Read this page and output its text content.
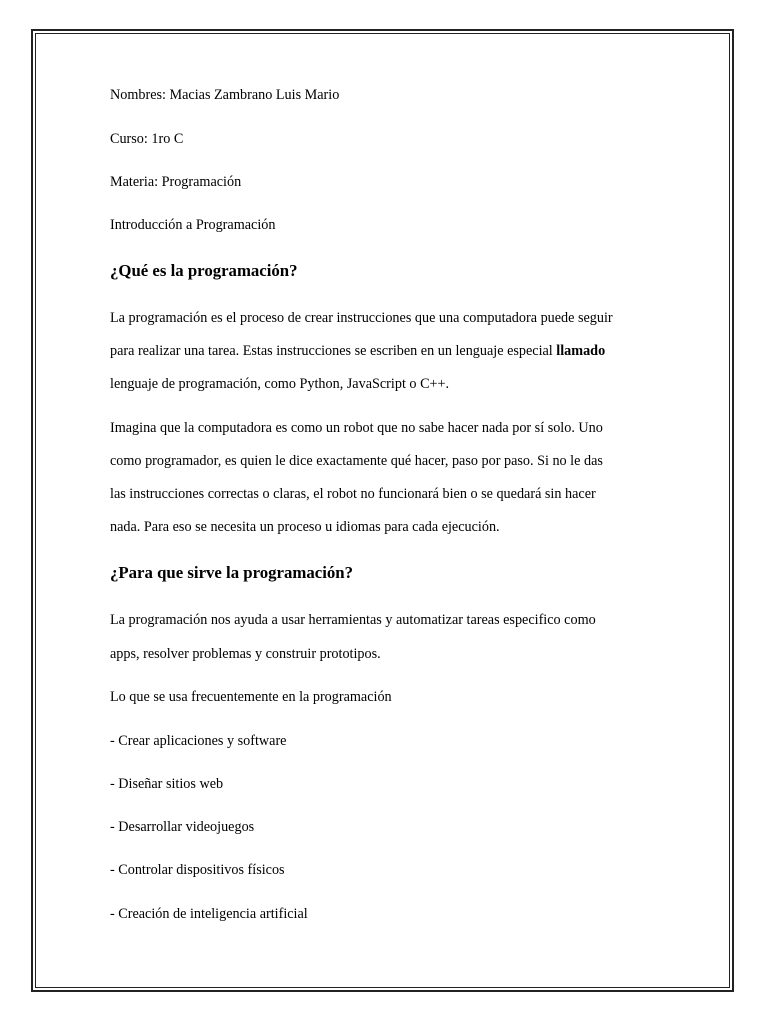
Nombres: Macias Zambrano Luis Mario

Curso: 1ro C

Materia: Programación

Introducción a Programación

¿Qué es la programación?

La programación es el proceso de crear instrucciones que una computadora puede seguir

para realizar una tarea. Estas instrucciones se escriben en un lenguaje especial llamado

lenguaje de programación, como Python, JavaScript o C++.

Imagina que la computadora es como un robot que no sabe hacer nada por sí solo. Uno

como programador, es quien le dice exactamente qué hacer, paso por paso. Si no le das

las instrucciones correctas o claras, el robot no funcionará bien o se quedará sin hacer

nada. Para eso se necesita un proceso u idiomas para cada ejecución.

¿Para que sirve la programación?

La programación nos ayuda a usar herramientas y automatizar tareas especifico como

apps, resolver problemas y construir prototipos.

Lo que se usa frecuentemente en la programación

- Crear aplicaciones y software

- Diseñar sitios web

- Desarrollar videojuegos

- Controlar dispositivos físicos

- Creación de inteligencia artificial
